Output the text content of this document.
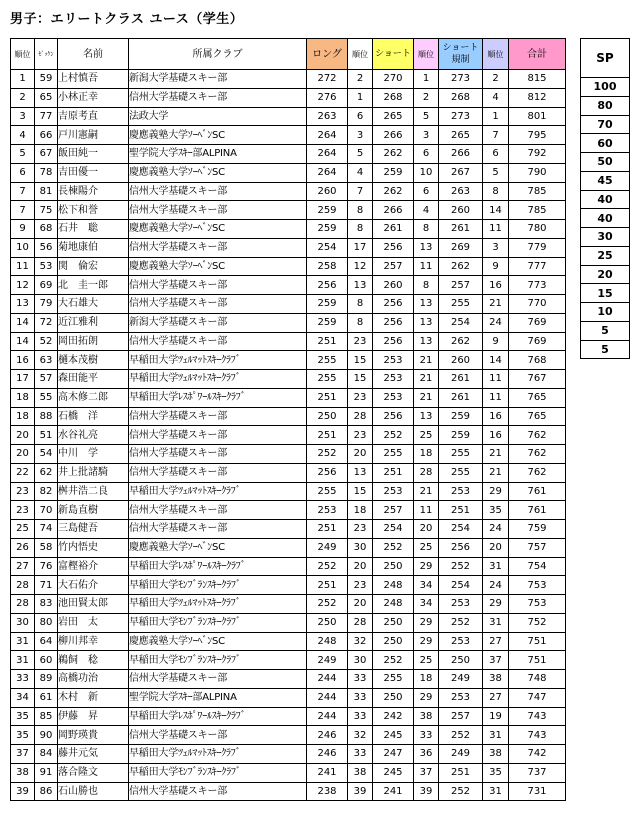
男子：エリートクラス ユース（学生）
順位	ｾﾞｯｹﾝ	名前	所属クラブ	ロング	順位	ショート	順位	ショート
規制	順位	合計
1	59	上村慎吾	新潟大学基礎スキー部	272	2	270	1	273	2	815
2	65	小林正幸	信州大学基礎スキー部	276	1	268	2	268	4	812
3	77	吉原考直	法政大学	263	6	265	5	273	1	801
4	66	戸川憲嗣	慶應義塾大学ｿｰﾍﾞﾝSC	264	3	266	3	265	7	795
5	67	飯田純一	聖学院大学ｽｷｰ部ALPINA	264	5	262	6	266	6	792
6	78	吉田優一	慶應義塾大学ｿｰﾍﾞﾝSC	264	4	259	10	267	5	790
7	81	長棟陽介	信州大学基礎スキー部	260	7	262	6	263	8	785
7	75	松下和誉	信州大学基礎スキー部	259	8	266	4	260	14	785
9	68	石井　聡	慶應義塾大学ｿｰﾍﾞﾝSC	259	8	261	8	261	11	780
10	56	菊地康伯	信州大学基礎スキー部	254	17	256	13	269	3	779
11	53	関　倫宏	慶應義塾大学ｿｰﾍﾞﾝSC	258	12	257	11	262	9	777
12	69	北　圭一郎	信州大学基礎スキー部	256	13	260	8	257	16	773
13	79	大石雄大	信州大学基礎スキー部	259	8	256	13	255	21	770
14	72	近江雅利	新潟大学基礎スキー部	259	8	256	13	254	24	769
14	52	岡田拓朗	信州大学基礎スキー部	251	23	256	13	262	9	769
16	63	樋本茂樹	早稲田大学ﾂｪﾙﾏｯﾄｽｷｰｸﾗﾌﾞ	255	15	253	21	260	14	768
17	57	森田能平	早稲田大学ﾂｪﾙﾏｯﾄｽｷｰｸﾗﾌﾞ	255	15	253	21	261	11	767
18	55	高木修二郎	早稲田大学ﾚｽﾎﾟﾜｰﾙｽｷｰｸﾗﾌﾞ	251	23	253	21	261	11	765
18	88	石橋　洋	信州大学基礎スキー部	250	28	256	13	259	16	765
20	51	水谷礼亮	信州大学基礎スキー部	251	23	252	25	259	16	762
20	54	中川　学	信州大学基礎スキー部	252	20	255	18	255	21	762
22	62	井上批諸騎	信州大学基礎スキー部	256	13	251	28	255	21	762
23	82	桝井浩二良	早稲田大学ﾂｪﾙﾏｯﾄｽｷｰｸﾗﾌﾞ	255	15	253	21	253	29	761
23	70	新島直樹	信州大学基礎スキー部	253	18	257	11	251	35	761
25	74	三島健吾	信州大学基礎スキー部	251	23	254	20	254	24	759
26	58	竹内悟史	慶應義塾大学ｿｰﾍﾞﾝSC	249	30	252	25	256	20	757
27	76	富樫裕介	早稲田大学ﾚｽﾎﾟﾜｰﾙｽｷｰｸﾗﾌﾞ	252	20	250	29	252	31	754
28	71	大石佑介	早稲田大学ﾓﾝﾌﾞﾗﾝｽｷｰｸﾗﾌﾞ	251	23	248	34	254	24	753
28	83	池田賢太郎	早稲田大学ﾂｪﾙﾏｯﾄｽｷｰｸﾗﾌﾞ	252	20	248	34	253	29	753
30	80	岩田　太	早稲田大学ﾓﾝﾌﾞﾗﾝｽｷｰｸﾗﾌﾞ	250	28	250	29	252	31	752
31	64	柳川邦幸	慶應義塾大学ｿｰﾍﾞﾝSC	248	32	250	29	253	27	751
31	60	鵜飼　稔	早稲田大学ﾓﾝﾌﾞﾗﾝｽｷｰｸﾗﾌﾞ	249	30	252	25	250	37	751
33	89	高橋功治	信州大学基礎スキー部	244	33	255	18	249	38	748
34	61	木村　新	聖学院大学ｽｷｰ部ALPINA	244	33	250	29	253	27	747
35	85	伊藤　昇	早稲田大学ﾚｽﾎﾟﾜｰﾙｽｷｰｸﾗﾌﾞ	244	33	242	38	257	19	743
35	90	岡野瑛貴	信州大学基礎スキー部	246	32	245	33	252	31	743
37	84	藤井元気	早稲田大学ﾂｪﾙﾏｯﾄｽｷｰｸﾗﾌﾞ	246	33	247	36	249	38	742
38	91	落合隆文	早稲田大学ﾓﾝﾌﾞﾗﾝｽｷｰｸﾗﾌﾞ	241	38	245	37	251	35	737
39	86	石山勝也	信州大学基礎スキー部	238	39	241	39	252	31	731
SP
100
80
70
60
50
45
40
40
30
25
20
15
10
5
5
